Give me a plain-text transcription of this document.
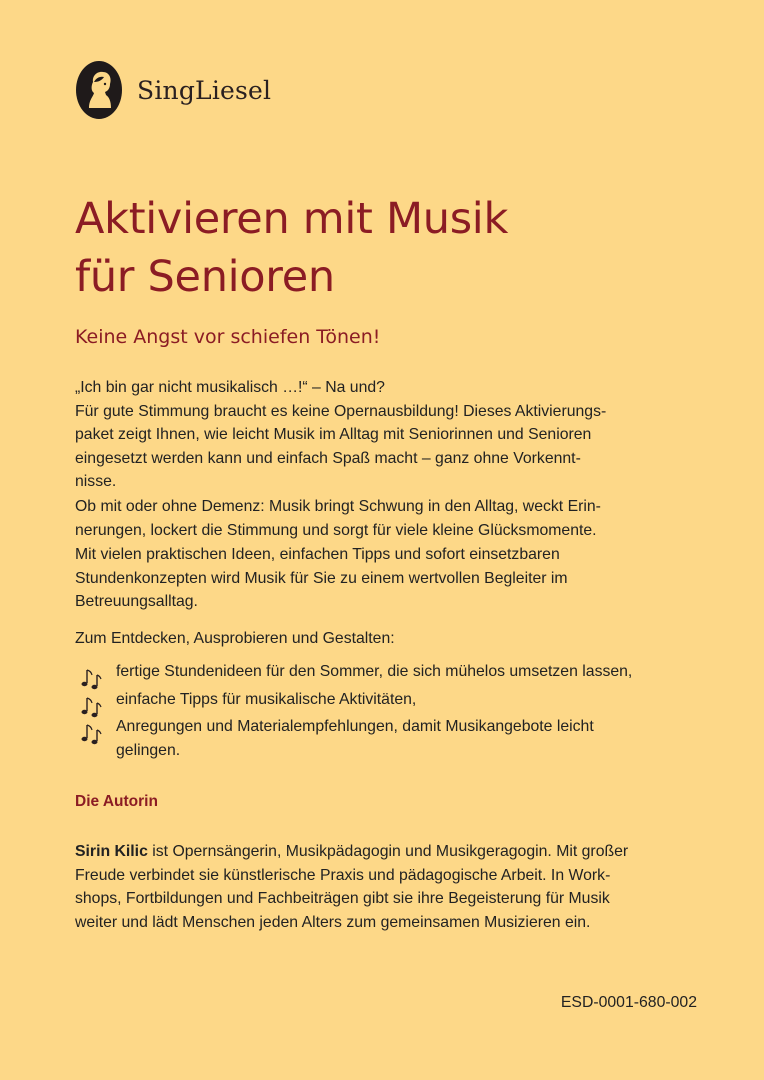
SingLiesel
Aktivieren mit Musik
für Senioren
Keine Angst vor schiefen Tönen!

„Ich bin gar nicht musikalisch …!“ – Na und?
Für gute Stimmung braucht es keine Opernausbildung! Dieses Aktivierungs-
paket zeigt Ihnen, wie leicht Musik im Alltag mit Seniorinnen und Senioren
eingesetzt werden kann und einfach Spaß macht – ganz ohne Vorkennt-
nisse.

Ob mit oder ohne Demenz: Musik bringt Schwung in den Alltag, weckt Erin-
nerungen, lockert die Stimmung und sorgt für viele kleine Glücksmomente.

Mit vielen praktischen Ideen, einfachen Tipps und sofort einsetzbaren
Stundenkonzepten wird Musik für Sie zu einem wertvollen Begleiter im
Betreuungsalltag.

Zum Entdecken, Ausprobieren und Gestalten:

fertige Stundenideen für den Sommer, die sich mühelos umsetzen lassen,
einfache Tipps für musikalische Aktivitäten,
Anregungen und Materialempfehlungen, damit Musikangebote leicht
gelingen.
Die Autorin

Sirin Kilic ist Opernsängerin, Musikpädagogin und Musikgeragogin. Mit großer
Freude verbindet sie künstlerische Praxis und pädagogische Arbeit. In Work-
shops, Fortbildungen und Fachbeiträgen gibt sie ihre Begeisterung für Musik
weiter und lädt Menschen jeden Alters zum gemeinsamen Musizieren ein.

ESD-0001-680-002
